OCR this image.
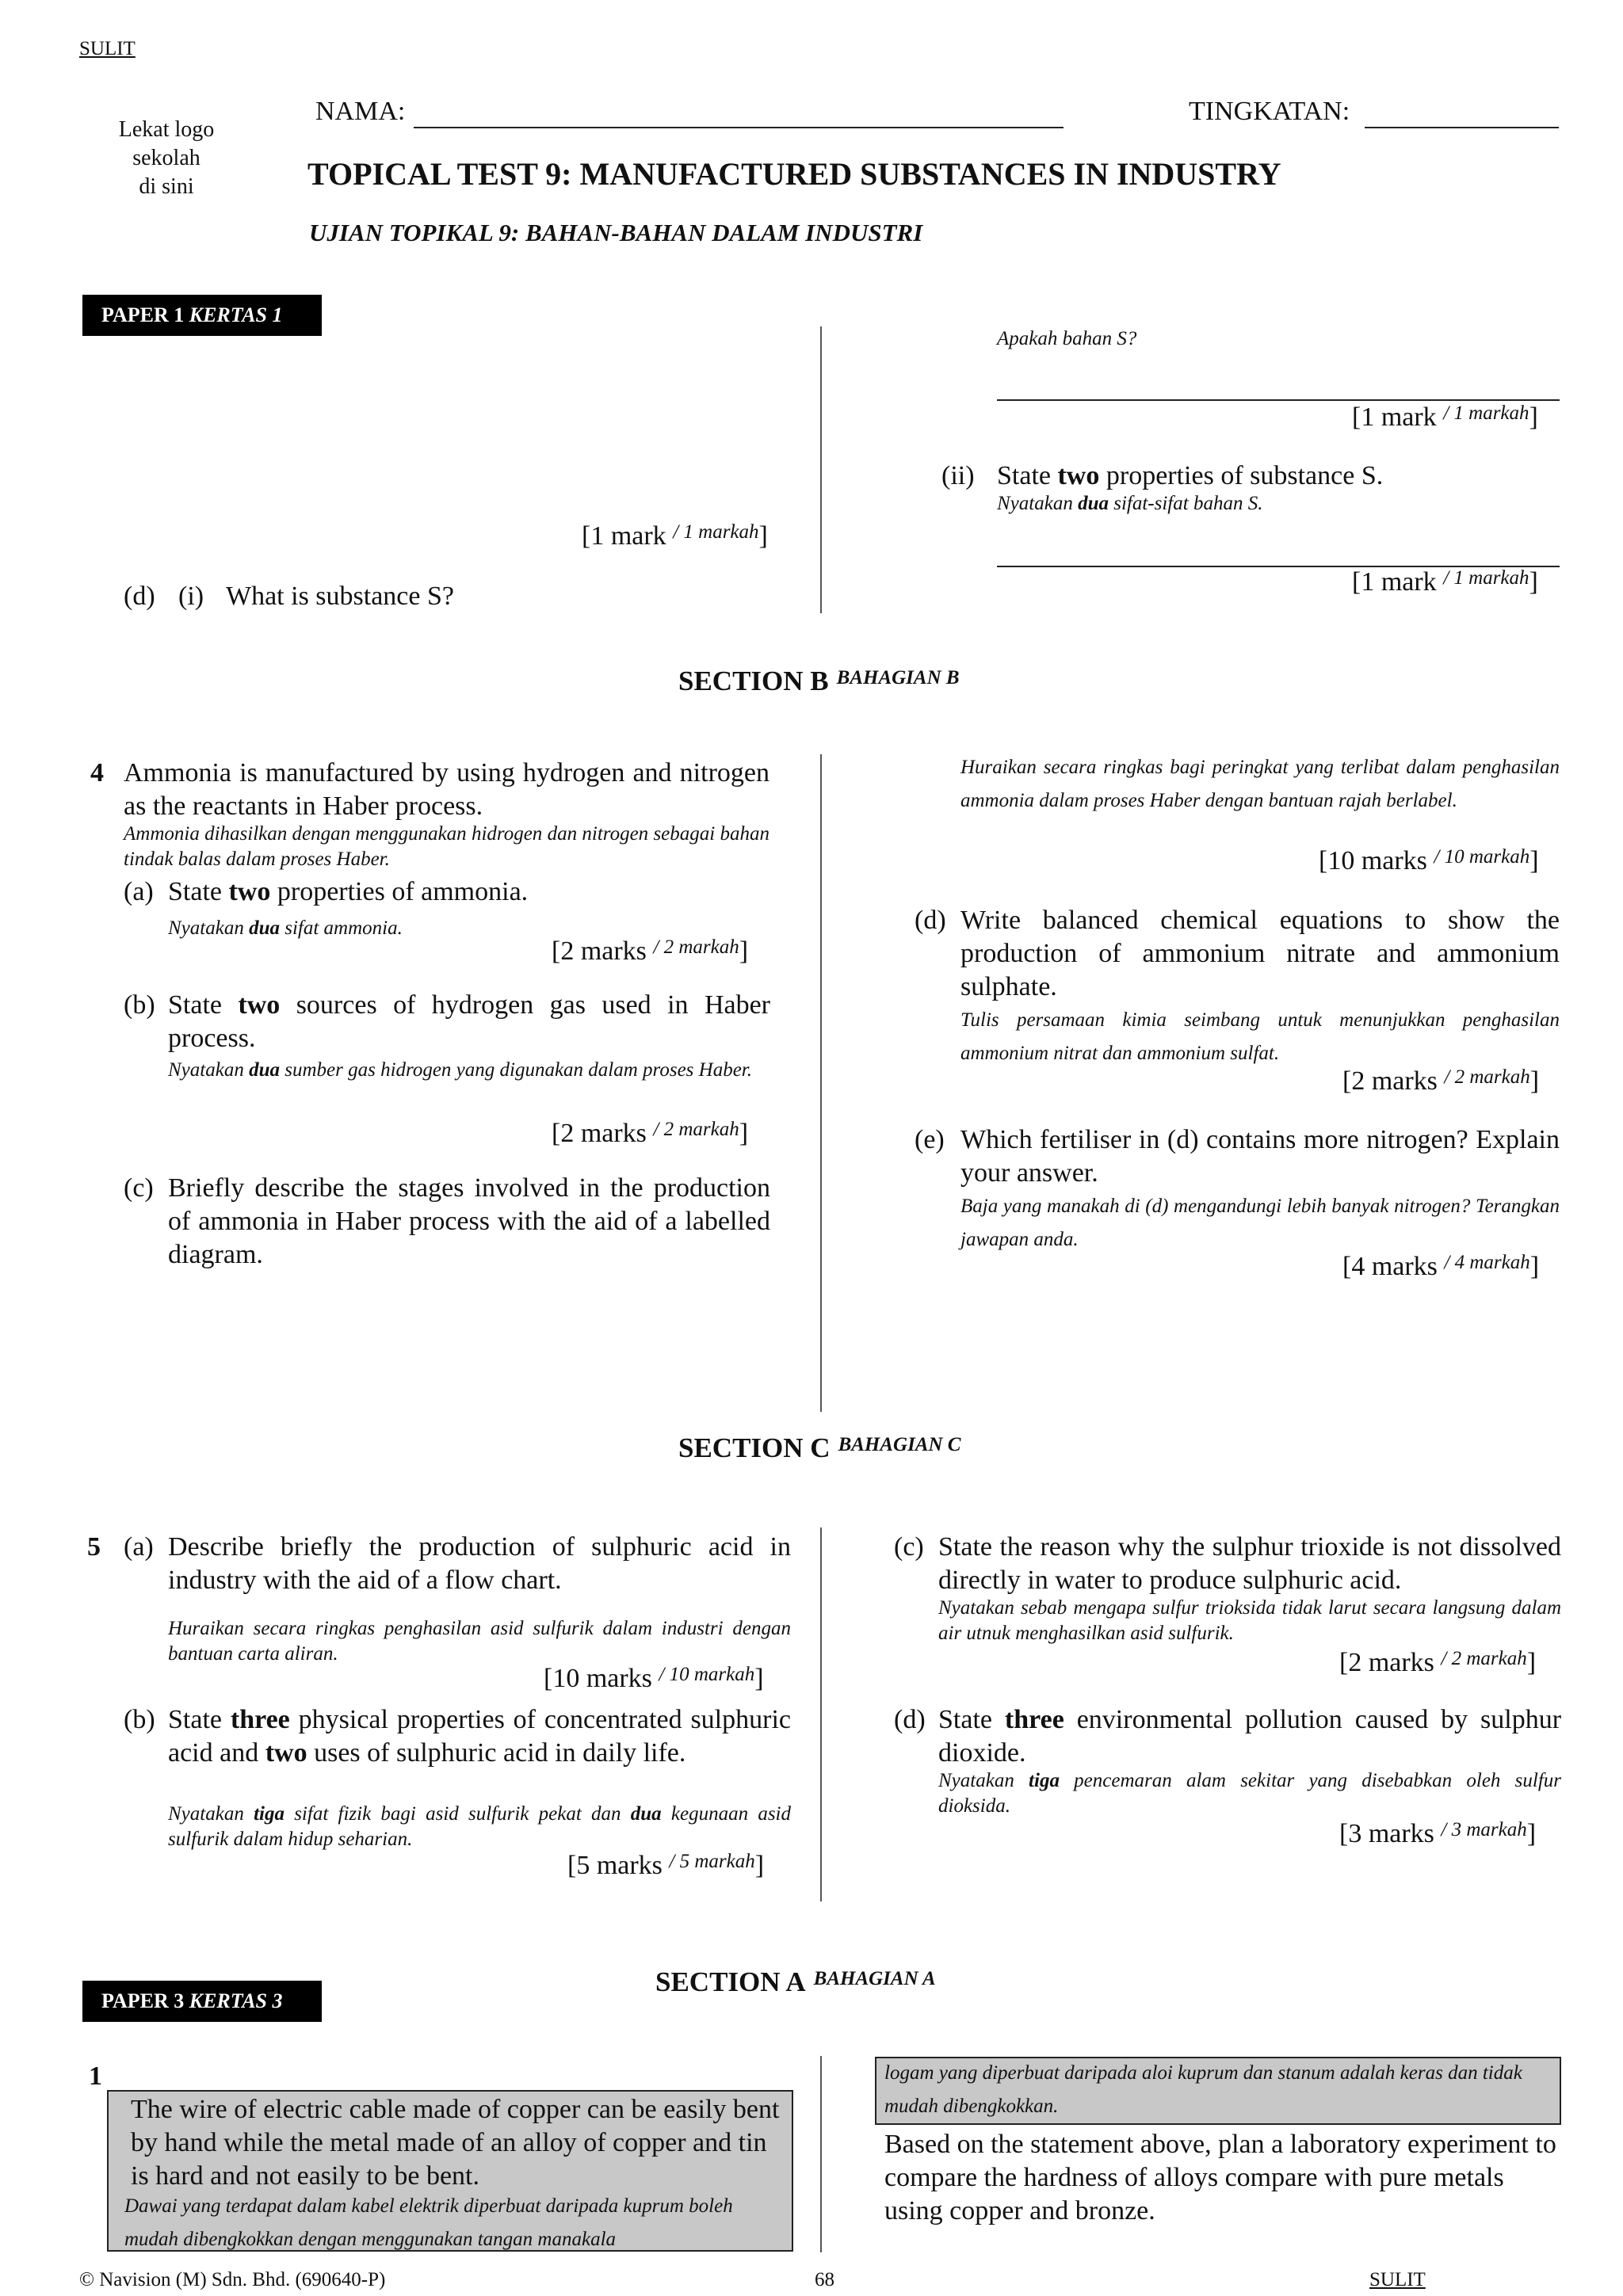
SULIT
Lekat logo
sekolah
di sini
NAMA:	TINGKATAN:
TOPICAL TEST 9: MANUFACTURED SUBSTANCES IN INDUSTRY
UJIAN TOPIKAL 9: BAHAN-BAHAN DALAM INDUSTRI
PAPER 1 KERTAS 1
[1 mark $^{/ 1 markah}$]
(d) (i) What is substance S?
Apakah bahan S?
[1 mark $^{/ 1 markah}$]
(ii) State two properties of substance S.
Nyatakan dua sifat-sifat bahan S.
[1 mark $^{/ 1 markah}$]
SECTION B $^{BAHAGIAN B}$
4 Ammonia is manufactured by using hydrogen and nitrogen as the reactants in Haber process.
Ammonia dihasilkan dengan menggunakan hidrogen dan nitrogen sebagai bahan tindak balas dalam proses Haber.
(a) State two properties of ammonia.
Nyatakan dua sifat ammonia.
[2 marks $^{/ 2 markah}$]
(b) State two sources of hydrogen gas used in Haber process.
Nyatakan dua sumber gas hidrogen yang digunakan dalam proses Haber.
[2 marks $^{/ 2 markah}$]
(c) Briefly describe the stages involved in the production of ammonia in Haber process with the aid of a labelled diagram.
Huraikan secara ringkas bagi peringkat yang terlibat dalam penghasilan ammonia dalam proses Haber dengan bantuan rajah berlabel.
[10 marks $^{/ 10 markah}$]
(d) Write balanced chemical equations to show the production of ammonium nitrate and ammonium sulphate.
Tulis persamaan kimia seimbang untuk menunjukkan penghasilan ammonium nitrat dan ammonium sulfat.
[2 marks $^{/ 2 markah}$]
(e) Which fertiliser in (d) contains more nitrogen? Explain your answer.
Baja yang manakah di (d) mengandungi lebih banyak nitrogen? Terangkan jawapan anda.
[4 marks $^{/ 4 markah}$]
SECTION C $^{BAHAGIAN C}$
5 (a) Describe briefly the production of sulphuric acid in industry with the aid of a flow chart.
Huraikan secara ringkas penghasilan asid sulfurik dalam industri dengan bantuan carta aliran.
[10 marks $^{/ 10 markah}$]
(b) State three physical properties of concentrated sulphuric acid and two uses of sulphuric acid in daily life.
Nyatakan tiga sifat fizik bagi asid sulfurik pekat dan dua kegunaan asid sulfurik dalam hidup seharian.
[5 marks $^{/ 5 markah}$]
(c) State the reason why the sulphur trioxide is not dissolved directly in water to produce sulphuric acid.
Nyatakan sebab mengapa sulfur trioksida tidak larut secara langsung dalam air utnuk menghasilkan asid sulfurik.
[2 marks $^{/ 2 markah}$]
(d) State three environmental pollution caused by sulphur dioxide.
Nyatakan tiga pencemaran alam sekitar yang disebabkan oleh sulfur dioksida.
[3 marks $^{/ 3 markah}$]
PAPER 3 KERTAS 3
SECTION A $^{BAHAGIAN A}$
1
The wire of electric cable made of copper can be easily bent by hand while the metal made of an alloy of copper and tin is hard and not easily to be bent.
Dawai yang terdapat dalam kabel elektrik diperbuat daripada kuprum boleh mudah dibengkokkan dengan menggunakan tangan manakala
logam yang diperbuat daripada aloi kuprum dan stanum adalah keras dan tidak mudah dibengkokkan.
Based on the statement above, plan a laboratory experiment to compare the hardness of alloys compare with pure metals using copper and bronze.
© Navision (M) Sdn. Bhd. (690640-P)	68	SULIT
